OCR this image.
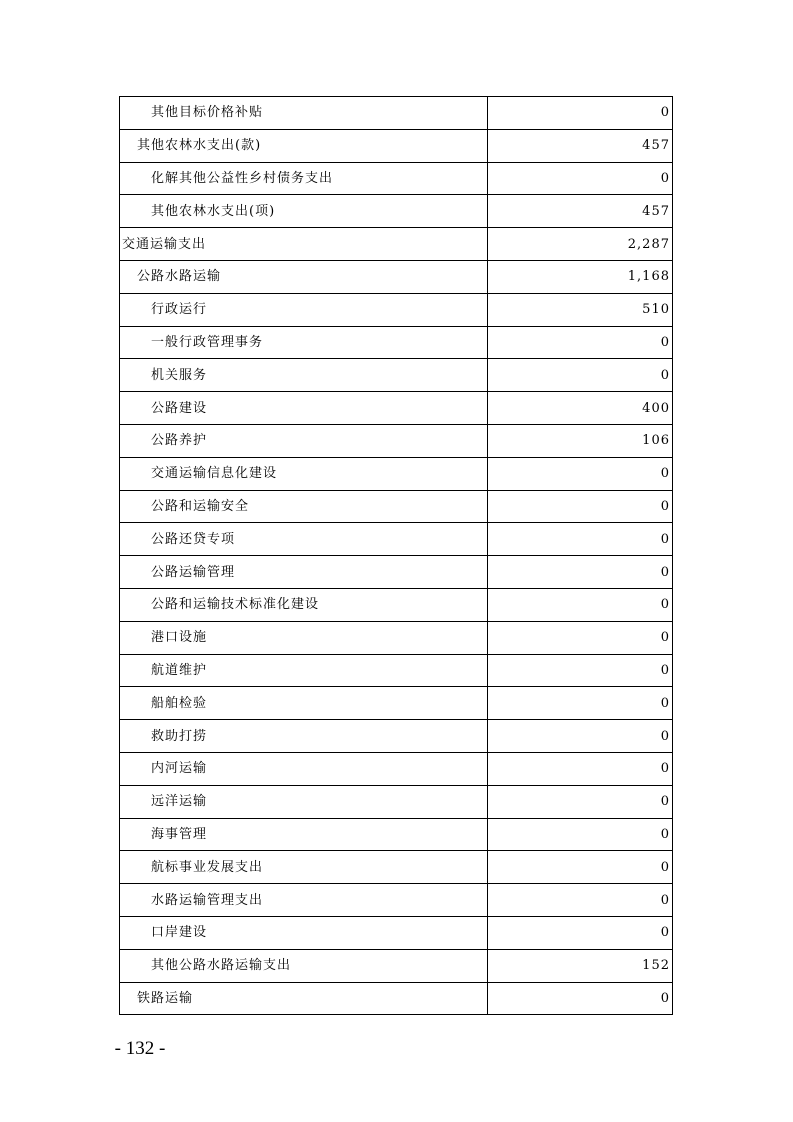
其他目标价格补贴	0
其他农林水支出(款)	457
化解其他公益性乡村债务支出	0
其他农林水支出(项)	457
交通运输支出	2,287
公路水路运输	1,168
行政运行	510
一般行政管理事务	0
机关服务	0
公路建设	400
公路养护	106
交通运输信息化建设	0
公路和运输安全	0
公路还贷专项	0
公路运输管理	0
公路和运输技术标准化建设	0
港口设施	0
航道维护	0
船舶检验	0
救助打捞	0
内河运输	0
远洋运输	0
海事管理	0
航标事业发展支出	0
水路运输管理支出	0
口岸建设	0
其他公路水路运输支出	152
铁路运输	0
- 132 -
